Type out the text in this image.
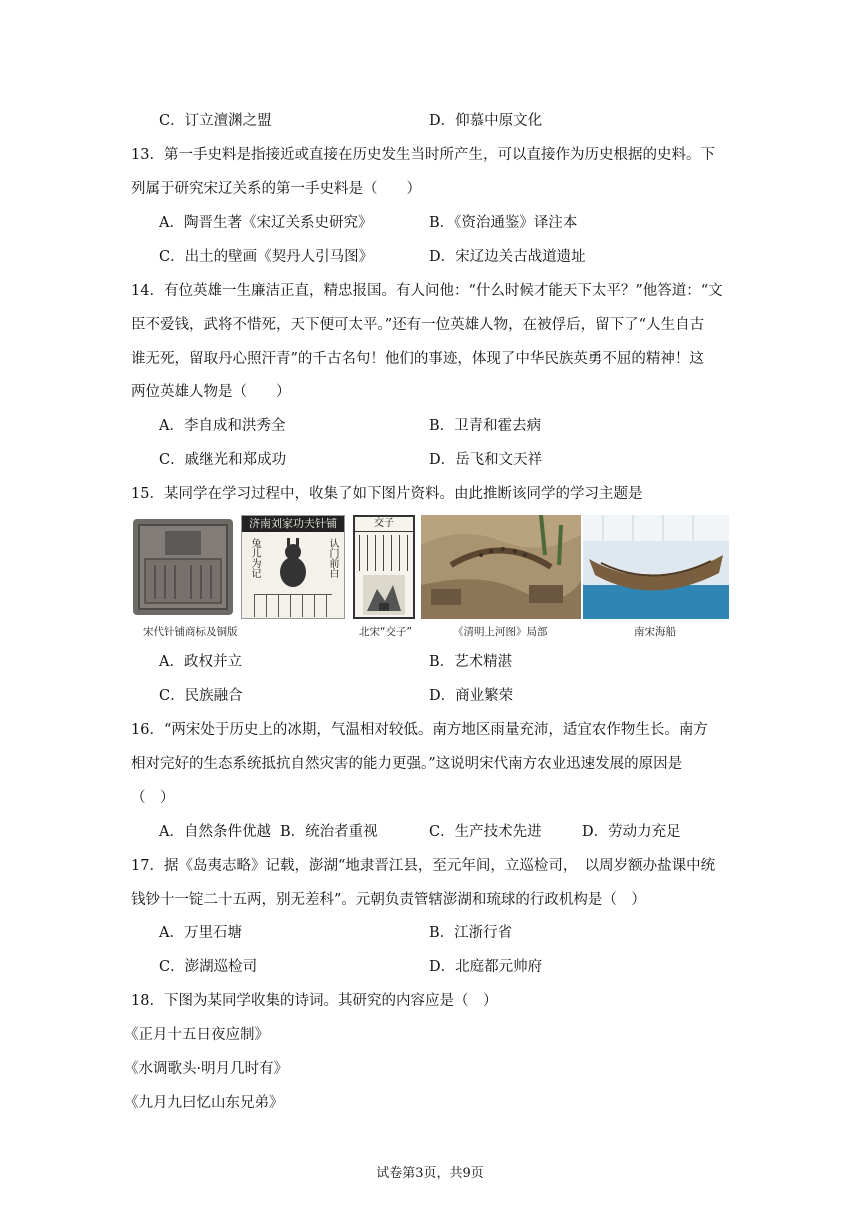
C．订立澶渊之盟	D．仰慕中原文化
13．第一手史料是指接近或直接在历史发生当时所产生，可以直接作为历史根据的史料。下
列属于研究宋辽关系的第一手史料是（　　）
A．陶晋生著《宋辽关系史研究》	B．《资治通鉴》译注本
C．出土的壁画《契丹人引马图》	D．宋辽边关古战道遗址
14．有位英雄一生廉洁正直，精忠报国。有人问他：“什么时候才能天下太平？”他答道：“文
臣不爱钱，武将不惜死，天下便可太平。”还有一位英雄人物，在被俘后，留下了“人生自古
谁无死，留取丹心照汗青”的千古名句！他们的事迹，体现了中华民族英勇不屈的精神！这
两位英雄人物是（　　）
A．李自成和洪秀全	B．卫青和霍去病
C．戚继光和郑成功	D．岳飞和文天祥
15．某同学在学习过程中，收集了如下图片资料。由此推断该同学的学习主题是
济南刘家功夫针铺
兔儿为记	认门前白
交子
宋代针铺商标及铜版	北宋“交子”	《清明上河图》局部	南宋海船
A．政权并立	B．艺术精湛
C．民族融合	D．商业繁荣
16．“两宋处于历史上的冰期，气温相对较低。南方地区雨量充沛，适宜农作物生长。南方
相对完好的生态系统抵抗自然灾害的能力更强。”这说明宋代南方农业迅速发展的原因是
（　）
A．自然条件优越 B．统治者重视	C．生产技术先进	D．劳动力充足
17．据《岛夷志略》记载，澎湖“地隶晋江县，至元年间，立巡检司，　以周岁额办盐课中统
钱钞十一锭二十五两，别无差科”。元朝负责管辖澎湖和琉球的行政机构是（　）
A．万里石塘	B．江浙行省
C．澎湖巡检司	D．北庭都元帅府
18．下图为某同学收集的诗词。其研究的内容应是（　）
《正月十五日夜应制》
《水调歌头·明月几时有》
《九月九曰忆山东兄弟》
试卷第3页，共9页
